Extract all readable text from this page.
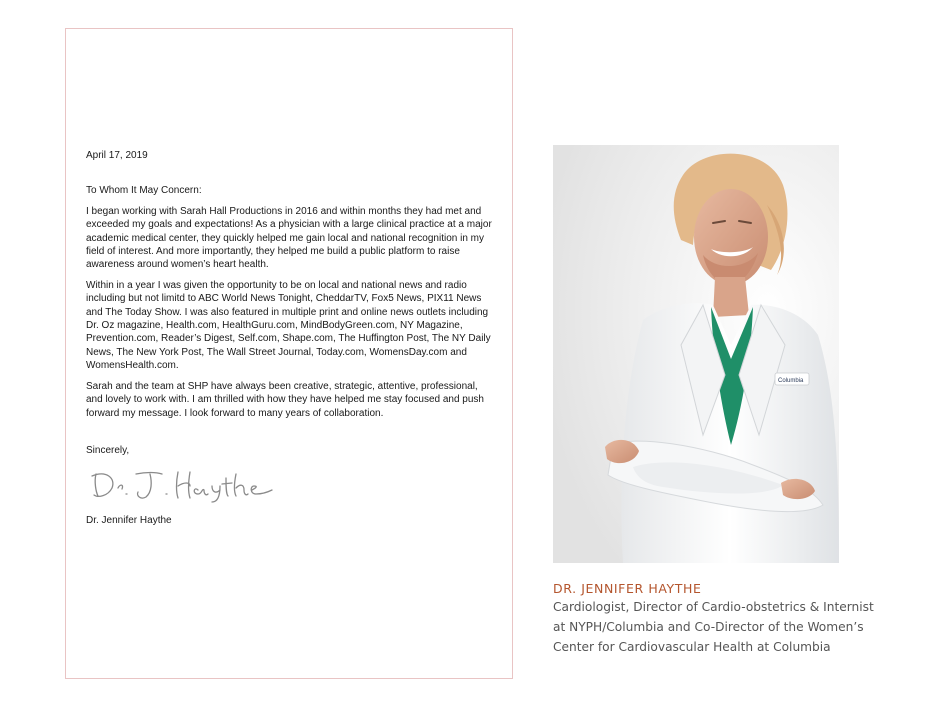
April 17, 2019

To Whom It May Concern:

I began working with Sarah Hall Productions in 2016 and within months they had met and exceeded my goals and expectations! As a physician with a large clinical practice at a major academic medical center, they quickly helped me gain local and national recognition in my field of interest. And more importantly, they helped me build a public platform to raise awareness around women’s heart health.

Within in a year I was given the opportunity to be on local and national news and radio including but not limitd to ABC World News Tonight, CheddarTV, Fox5 News, PIX11 News and The Today Show. I was also featured in multiple print and online news outlets including Dr. Oz magazine, Health.com, HealthGuru.com, MindBodyGreen.com, NY Magazine, Prevention.com, Reader’s Digest, Self.com, Shape.com, The Huffington Post, The NY Daily News, The New York Post, The Wall Street Journal, Today.com, WomensDay.com and WomensHealth.com.

Sarah and the team at SHP have always been creative, strategic, attentive, professional, and lovely to work with. I am thrilled with how they have helped me stay focused and push forward my message. I look forward to many years of collaboration.

Sincerely,

Dr. Jennifer Haythe

Columbia

DR. JENNIFER HAYTHE

Cardiologist, Director of Cardio-obstetrics & Internist

at NYPH/Columbia and Co-Director of the Women’s

Center for Cardiovascular Health at Columbia
